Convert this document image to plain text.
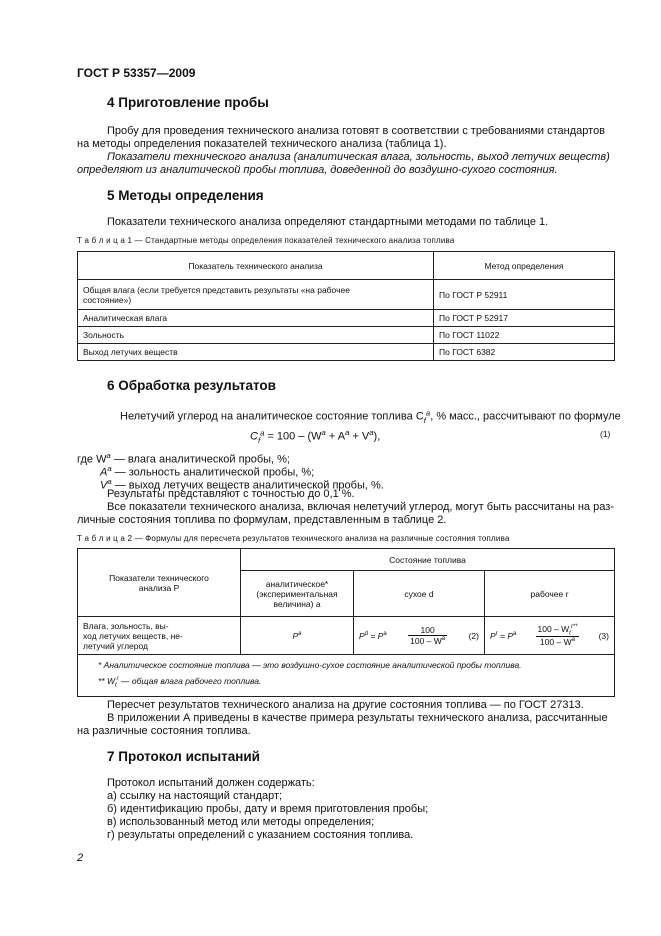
ГОСТ Р 53357—2009
4 Приготовление пробы
Пробу для проведения технического анализа готовят в соответствии с требованиями стандартов
на методы определения показателей технического анализа (таблица 1).
Показатели технического анализа (аналитическая влага, зольность, выход летучих веществ)
определяют из аналитической пробы топлива, доведенной до воздушно-сухого состояния.
5 Методы определения
Показатели технического анализа определяют стандартными методами по таблице 1.
Т а б л и ц а 1 — Стандартные методы определения показателей технического анализа топлива
Показатель технического анализа	Метод определения
Общая влага (если требуется представить результаты «на рабочее
состояние»)	По ГОСТ Р 52911
Аналитическая влага	По ГОСТ Р 52917
Зольность	По ГОСТ 11022
Выход летучих веществ	По ГОСТ 6382
6 Обработка результатов
Нелетучий углерод на аналитическое состояние топлива $C_f^a$, % масс., рассчитывают по формуле
$C_f^a = 100 - (W^a + A^a + V^a)$,	(1)
где $W^a$ — влага аналитической пробы, %;
$A^a$ — зольность аналитической пробы, %;
$V^a$ — выход летучих веществ аналитической пробы, %.
Результаты представляют с точностью до 0,1 %.
Все показатели технического анализа, включая нелетучий углерод, могут быть рассчитаны на раз-
личные состояния топлива по формулам, представленным в таблице 2.
Т а б л и ц а 2 — Формулы для пересчета результатов технического анализа на различные состояния топлива
Показатели технического
анализа P	Состояние топлива		
	аналитическое*
(экспериментальная
величина) a	сухое d	рабочее r
Влага, зольность, вы-
ход летучих веществ, не-
летучий углерод	$P^a$	$P^d = P^a \frac{100}{100 - W^a} (2)$	$P^r = P^a \frac{100 - W_t^{r**}}{100 - W^a} (3)$

* Аналитическое состояние топлива — это воздушно-сухое состояние аналитической пробы топлива.
** $W_t^r$ — общая влага рабочего топлива.			
Пересчет результатов технического анализа на другие состояния топлива — по ГОСТ 27313.
В приложении А приведены в качестве примера результаты технического анализа, рассчитанные
на различные состояния топлива.
7 Протокол испытаний
Протокол испытаний должен содержать:
а) ссылку на настоящий стандарт;
б) идентификацию пробы, дату и время приготовления пробы;
в) использованный метод или методы определения;
г) результаты определений с указанием состояния топлива.
2
